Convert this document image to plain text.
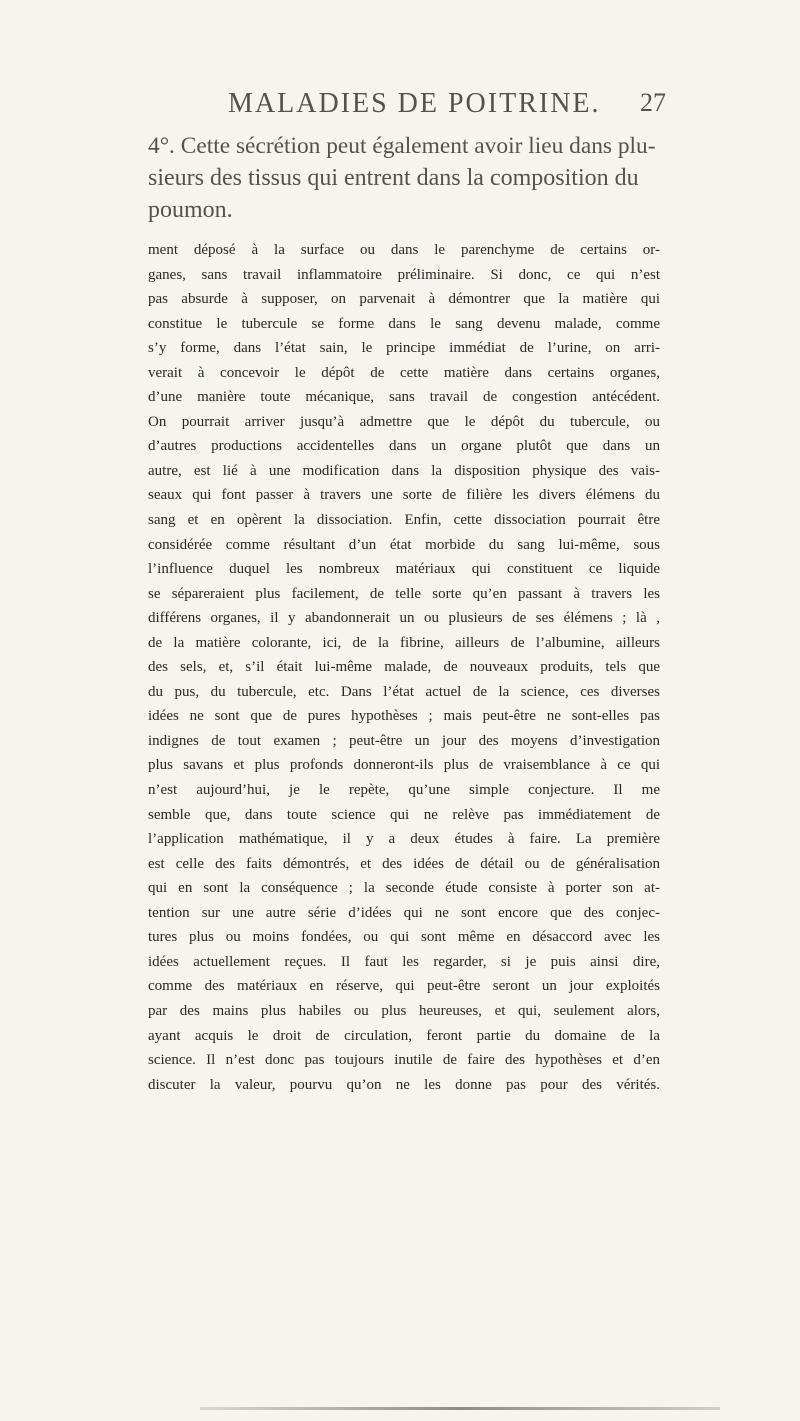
MALADIES DE POITRINE. 27
4°. Cette sécrétion peut également avoir lieu dans plu-
sieurs des tissus qui entrent dans la composition du
poumon.
ment déposé à la surface ou dans le parenchyme de certains or-
ganes, sans travail inflammatoire préliminaire. Si donc, ce qui n’est
pas absurde à supposer, on parvenait à démontrer que la matière qui
constitue le tubercule se forme dans le sang devenu malade, comme
s’y forme, dans l’état sain, le principe immédiat de l’urine, on arri-
verait à concevoir le dépôt de cette matière dans certains organes,
d’une manière toute mécanique, sans travail de congestion antécédent.
On pourrait arriver jusqu’à admettre que le dépôt du tubercule, ou
d’autres productions accidentelles dans un organe plutôt que dans un
autre, est lié à une modification dans la disposition physique des vais-
seaux qui font passer à travers une sorte de filière les divers élémens du
sang et en opèrent la dissociation. Enfin, cette dissociation pourrait être
considérée comme résultant d’un état morbide du sang lui-même, sous
l’influence duquel les nombreux matériaux qui constituent ce liquide
se sépareraient plus facilement, de telle sorte qu’en passant à travers les
différens organes, il y abandonnerait un ou plusieurs de ses élémens ; là ,
de la matière colorante, ici, de la fibrine, ailleurs de l’albumine, ailleurs
des sels, et, s’il était lui-même malade, de nouveaux produits, tels que
du pus, du tubercule, etc. Dans l’état actuel de la science, ces diverses
idées ne sont que de pures hypothèses ; mais peut-être ne sont-elles pas
indignes de tout examen ; peut-être un jour des moyens d’investigation
plus savans et plus profonds donneront-ils plus de vraisemblance à ce qui
n’est aujourd’hui, je le repète, qu’une simple conjecture. Il me
semble que, dans toute science qui ne relève pas immédiatement de
l’application mathématique, il y a deux études à faire. La première
est celle des faits démontrés, et des idées de détail ou de généralisation
qui en sont la conséquence ; la seconde étude consiste à porter son at-
tention sur une autre série d’idées qui ne sont encore que des conjec-
tures plus ou moins fondées, ou qui sont même en désaccord avec les
idées actuellement reçues. Il faut les regarder, si je puis ainsi dire,
comme des matériaux en réserve, qui peut-être seront un jour exploités
par des mains plus habiles ou plus heureuses, et qui, seulement alors,
ayant acquis le droit de circulation, feront partie du domaine de la
science. Il n’est donc pas toujours inutile de faire des hypothèses et d’en
discuter la valeur, pourvu qu’on ne les donne pas pour des vérités.
